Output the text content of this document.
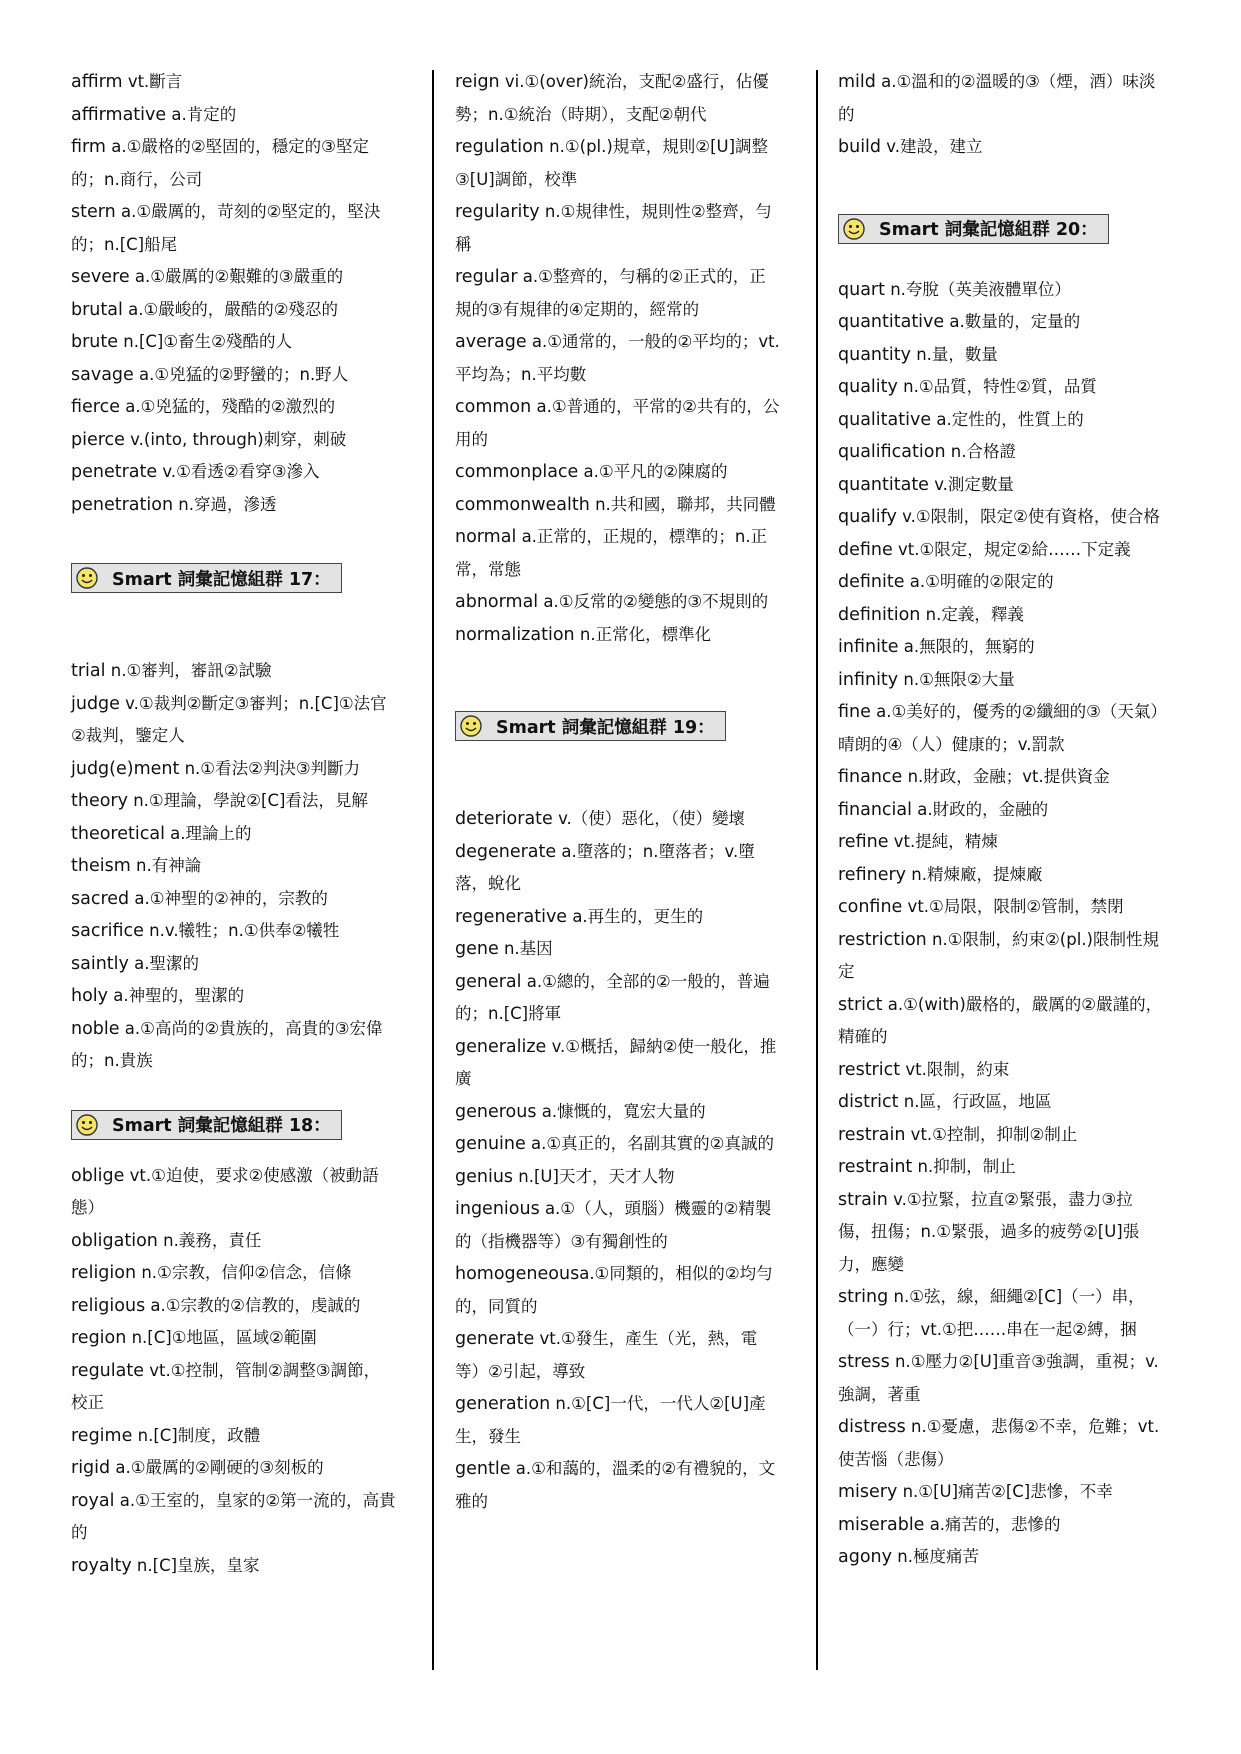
affirm vt.斷言

affirmative a.肯定的

firm a.①嚴格的②堅固的，穩定的③堅定的；n.商行，公司

stern a.①嚴厲的，苛刻的②堅定的，堅決的；n.[C]船尾

severe a.①嚴厲的②艱難的③嚴重的

brutal a.①嚴峻的，嚴酷的②殘忍的

brute n.[C]①畜生②殘酷的人

savage a.①兇猛的②野蠻的；n.野人

fierce a.①兇猛的，殘酷的②激烈的

pierce v.(into, through)刺穿，刺破

penetrate v.①看透②看穿③滲入

penetration n.穿過，滲透

Smart 詞彙記憶組群 17：

trial n.①審判，審訊②試驗

judge v.①裁判②斷定③審判；n.[C]①法官②裁判，鑒定人

judg(e)ment n.①看法②判決③判斷力

theory n.①理論，學說②[C]看法，見解

theoretical a.理論上的

theism n.有神論

sacred a.①神聖的②神的，宗教的

sacrifice n.v.犧牲；n.①供奉②犧牲

saintly a.聖潔的

holy a.神聖的，聖潔的

noble a.①高尚的②貴族的，高貴的③宏偉的；n.貴族

Smart 詞彙記憶組群 18：

oblige vt.①迫使，要求②使感激（被動語態）

obligation n.義務，責任

religion n.①宗教，信仰②信念，信條

religious a.①宗教的②信教的，虔誠的

region n.[C]①地區，區域②範圍

regulate vt.①控制，管制②調整③調節，校正

regime n.[C]制度，政體

rigid a.①嚴厲的②剛硬的③刻板的

royal a.①王室的，皇家的②第一流的，高貴的

royalty n.[C]皇族，皇家

reign vi.①(over)統治，支配②盛行，佔優勢；n.①統治（時期），支配②朝代

regulation n.①(pl.)規章，規則②[U]調整③[U]調節，校準

regularity n.①規律性，規則性②整齊，勻稱

regular a.①整齊的，勻稱的②正式的，正規的③有規律的④定期的，經常的

average a.①通常的，一般的②平均的；vt.平均為；n.平均數

common a.①普通的，平常的②共有的，公用的

commonplace a.①平凡的②陳腐的

commonwealth n.共和國，聯邦，共同體

normal a.正常的，正規的，標準的；n.正常，常態

abnormal a.①反常的②變態的③不規則的

normalization n.正常化，標準化

Smart 詞彙記憶組群 19：

deteriorate v.（使）惡化，（使）變壞

degenerate a.墮落的；n.墮落者；v.墮落，蛻化

regenerative a.再生的，更生的

gene n.基因

general a.①總的，全部的②一般的，普遍的；n.[C]將軍

generalize v.①概括，歸納②使一般化，推廣

generous a.慷慨的，寬宏大量的

genuine a.①真正的，名副其實的②真誠的

genius n.[U]天才，天才人物

ingenious a.①（人，頭腦）機靈的②精製的（指機器等）③有獨創性的

homogeneousa.①同類的，相似的②均勻的，同質的

generate vt.①發生，產生（光，熱，電等）②引起，導致

generation n.①[C]一代，一代人②[U]產生，發生

gentle a.①和藹的，溫柔的②有禮貌的，文雅的

mild a.①溫和的②溫暖的③（煙，酒）味淡的

build v.建設，建立

Smart 詞彙記憶組群 20：

quart n.夸脫（英美液體單位）

quantitative a.數量的，定量的

quantity n.量，數量

quality n.①品質，特性②質，品質

qualitative a.定性的，性質上的

qualification n.合格證

quantitate v.測定數量

qualify v.①限制，限定②使有資格，使合格

define vt.①限定，規定②給……下定義

definite a.①明確的②限定的

definition n.定義，釋義

infinite a.無限的，無窮的

infinity n.①無限②大量

fine a.①美好的，優秀的②纖細的③（天氣）晴朗的④（人）健康的；v.罰款

finance n.財政，金融；vt.提供資金

financial a.財政的，金融的

refine vt.提純，精煉

refinery n.精煉廠，提煉廠

confine vt.①局限，限制②管制，禁閉

restriction n.①限制，約束②(pl.)限制性規定

strict a.①(with)嚴格的，嚴厲的②嚴謹的，精確的

restrict vt.限制，約束

district n.區，行政區，地區

restrain vt.①控制，抑制②制止

restraint n.抑制，制止

strain v.①拉緊，拉直②緊張，盡力③拉傷，扭傷；n.①緊張，過多的疲勞②[U]張力，應變

string n.①弦，線，細繩②[C]（一）串，（一）行；vt.①把……串在一起②縛，捆

stress n.①壓力②[U]重音③強調，重視；v.強調，著重

distress n.①憂慮，悲傷②不幸，危難；vt.使苦惱（悲傷）

misery n.①[U]痛苦②[C]悲慘，不幸

miserable a.痛苦的，悲慘的

agony n.極度痛苦
